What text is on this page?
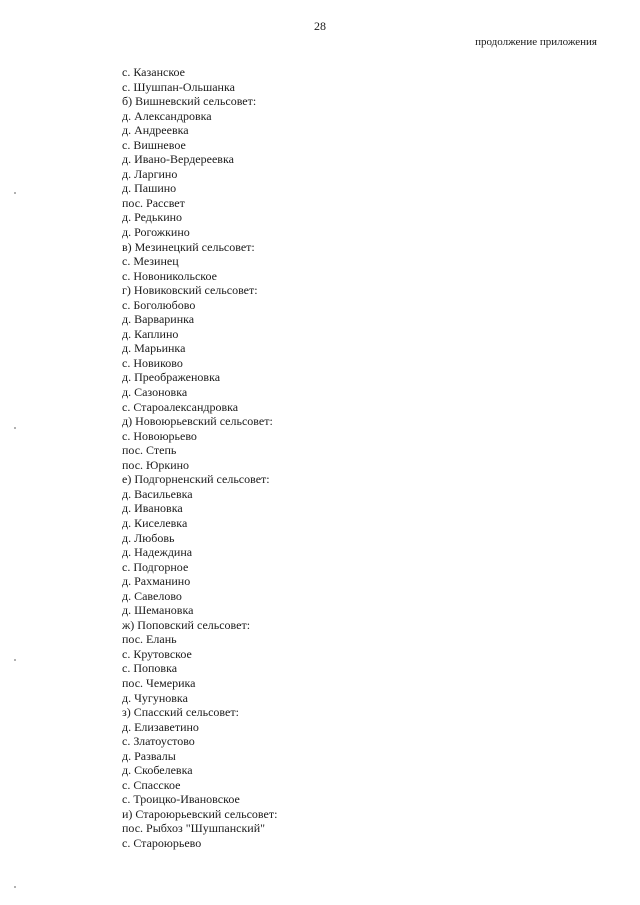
28
продолжение приложения
с. Казанское
с. Шушпан-Ольшанка
б) Вишневский сельсовет:
д. Александровка
д. Андреевка
с. Вишневое
д. Ивано-Вердереевка
д. Ларгино
д. Пашино
пос. Рассвет
д. Редькино
д. Рогожкино
в) Мезинецкий сельсовет:
с. Мезинец
с. Новоникольское
г) Новиковский сельсовет:
с. Боголюбово
д. Варваринка
д. Каплино
д. Марьинка
с. Новиково
д. Преображеновка
д. Сазоновка
с. Староалександровка
д) Новоюрьевский сельсовет:
с. Новоюрьево
пос. Степь
пос. Юркино
е) Подгорненский сельсовет:
д. Васильевка
д. Ивановка
д. Киселевка
д. Любовь
д. Надеждина
с. Подгорное
д. Рахманино
д. Савелово
д. Шемановка
ж) Поповский сельсовет:
пос. Елань
с. Крутовское
с. Поповка
пос. Чемерика
д. Чугуновка
з) Спасский сельсовет:
д. Елизаветино
с. Златоустово
д. Развалы
д. Скобелевка
с. Спасское
с. Троицко-Ивановское
и) Староюрьевский сельсовет:
пос. Рыбхоз "Шушпанский"
с. Староюрьево
